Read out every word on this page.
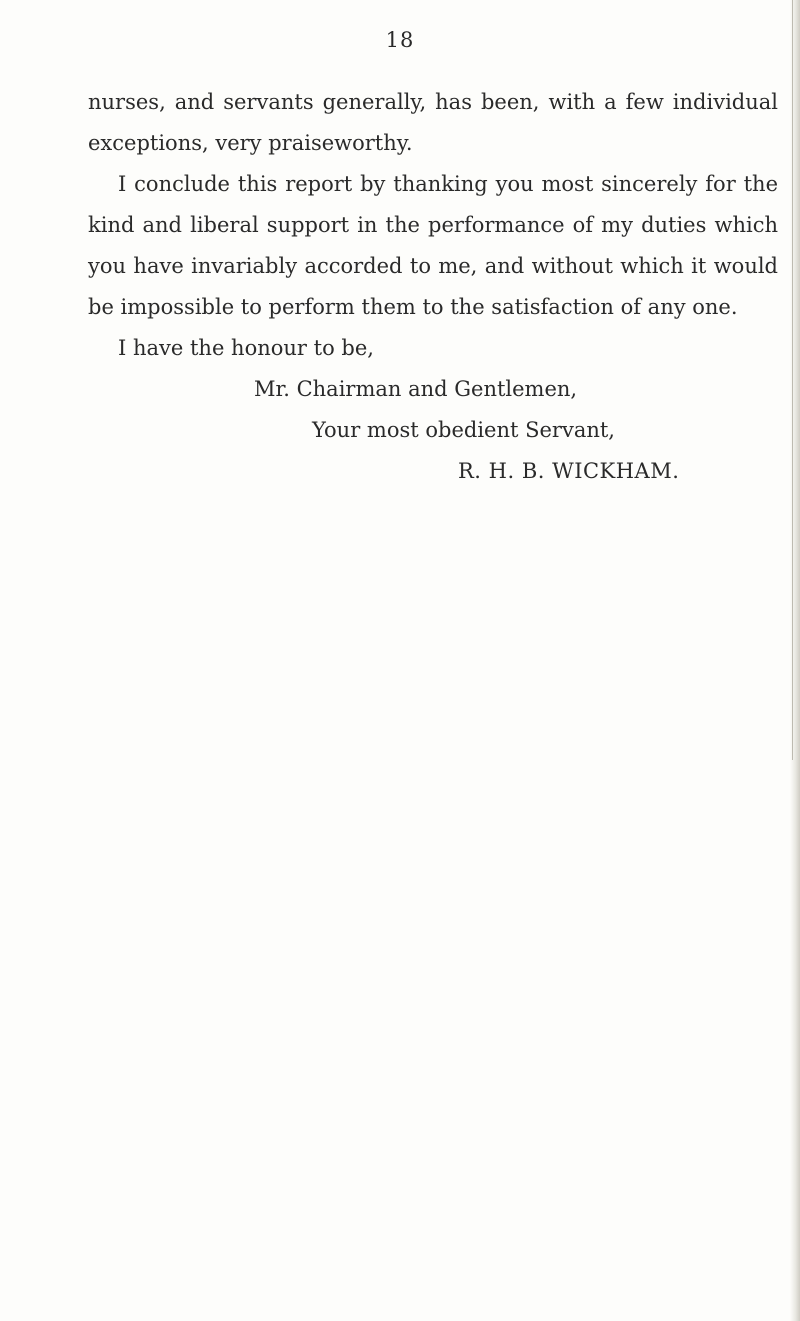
18
nurses, and servants generally, has been, with a few individual
exceptions, very praiseworthy.
I conclude this report by thanking you most sincerely for the
kind and liberal support in the performance of my duties which
you have invariably accorded to me, and without which it would
be impossible to perform them to the satisfaction of any one.
I have the honour to be,
Mr. Chairman and Gentlemen,
Your most obedient Servant,
R. H. B. WICKHAM.
